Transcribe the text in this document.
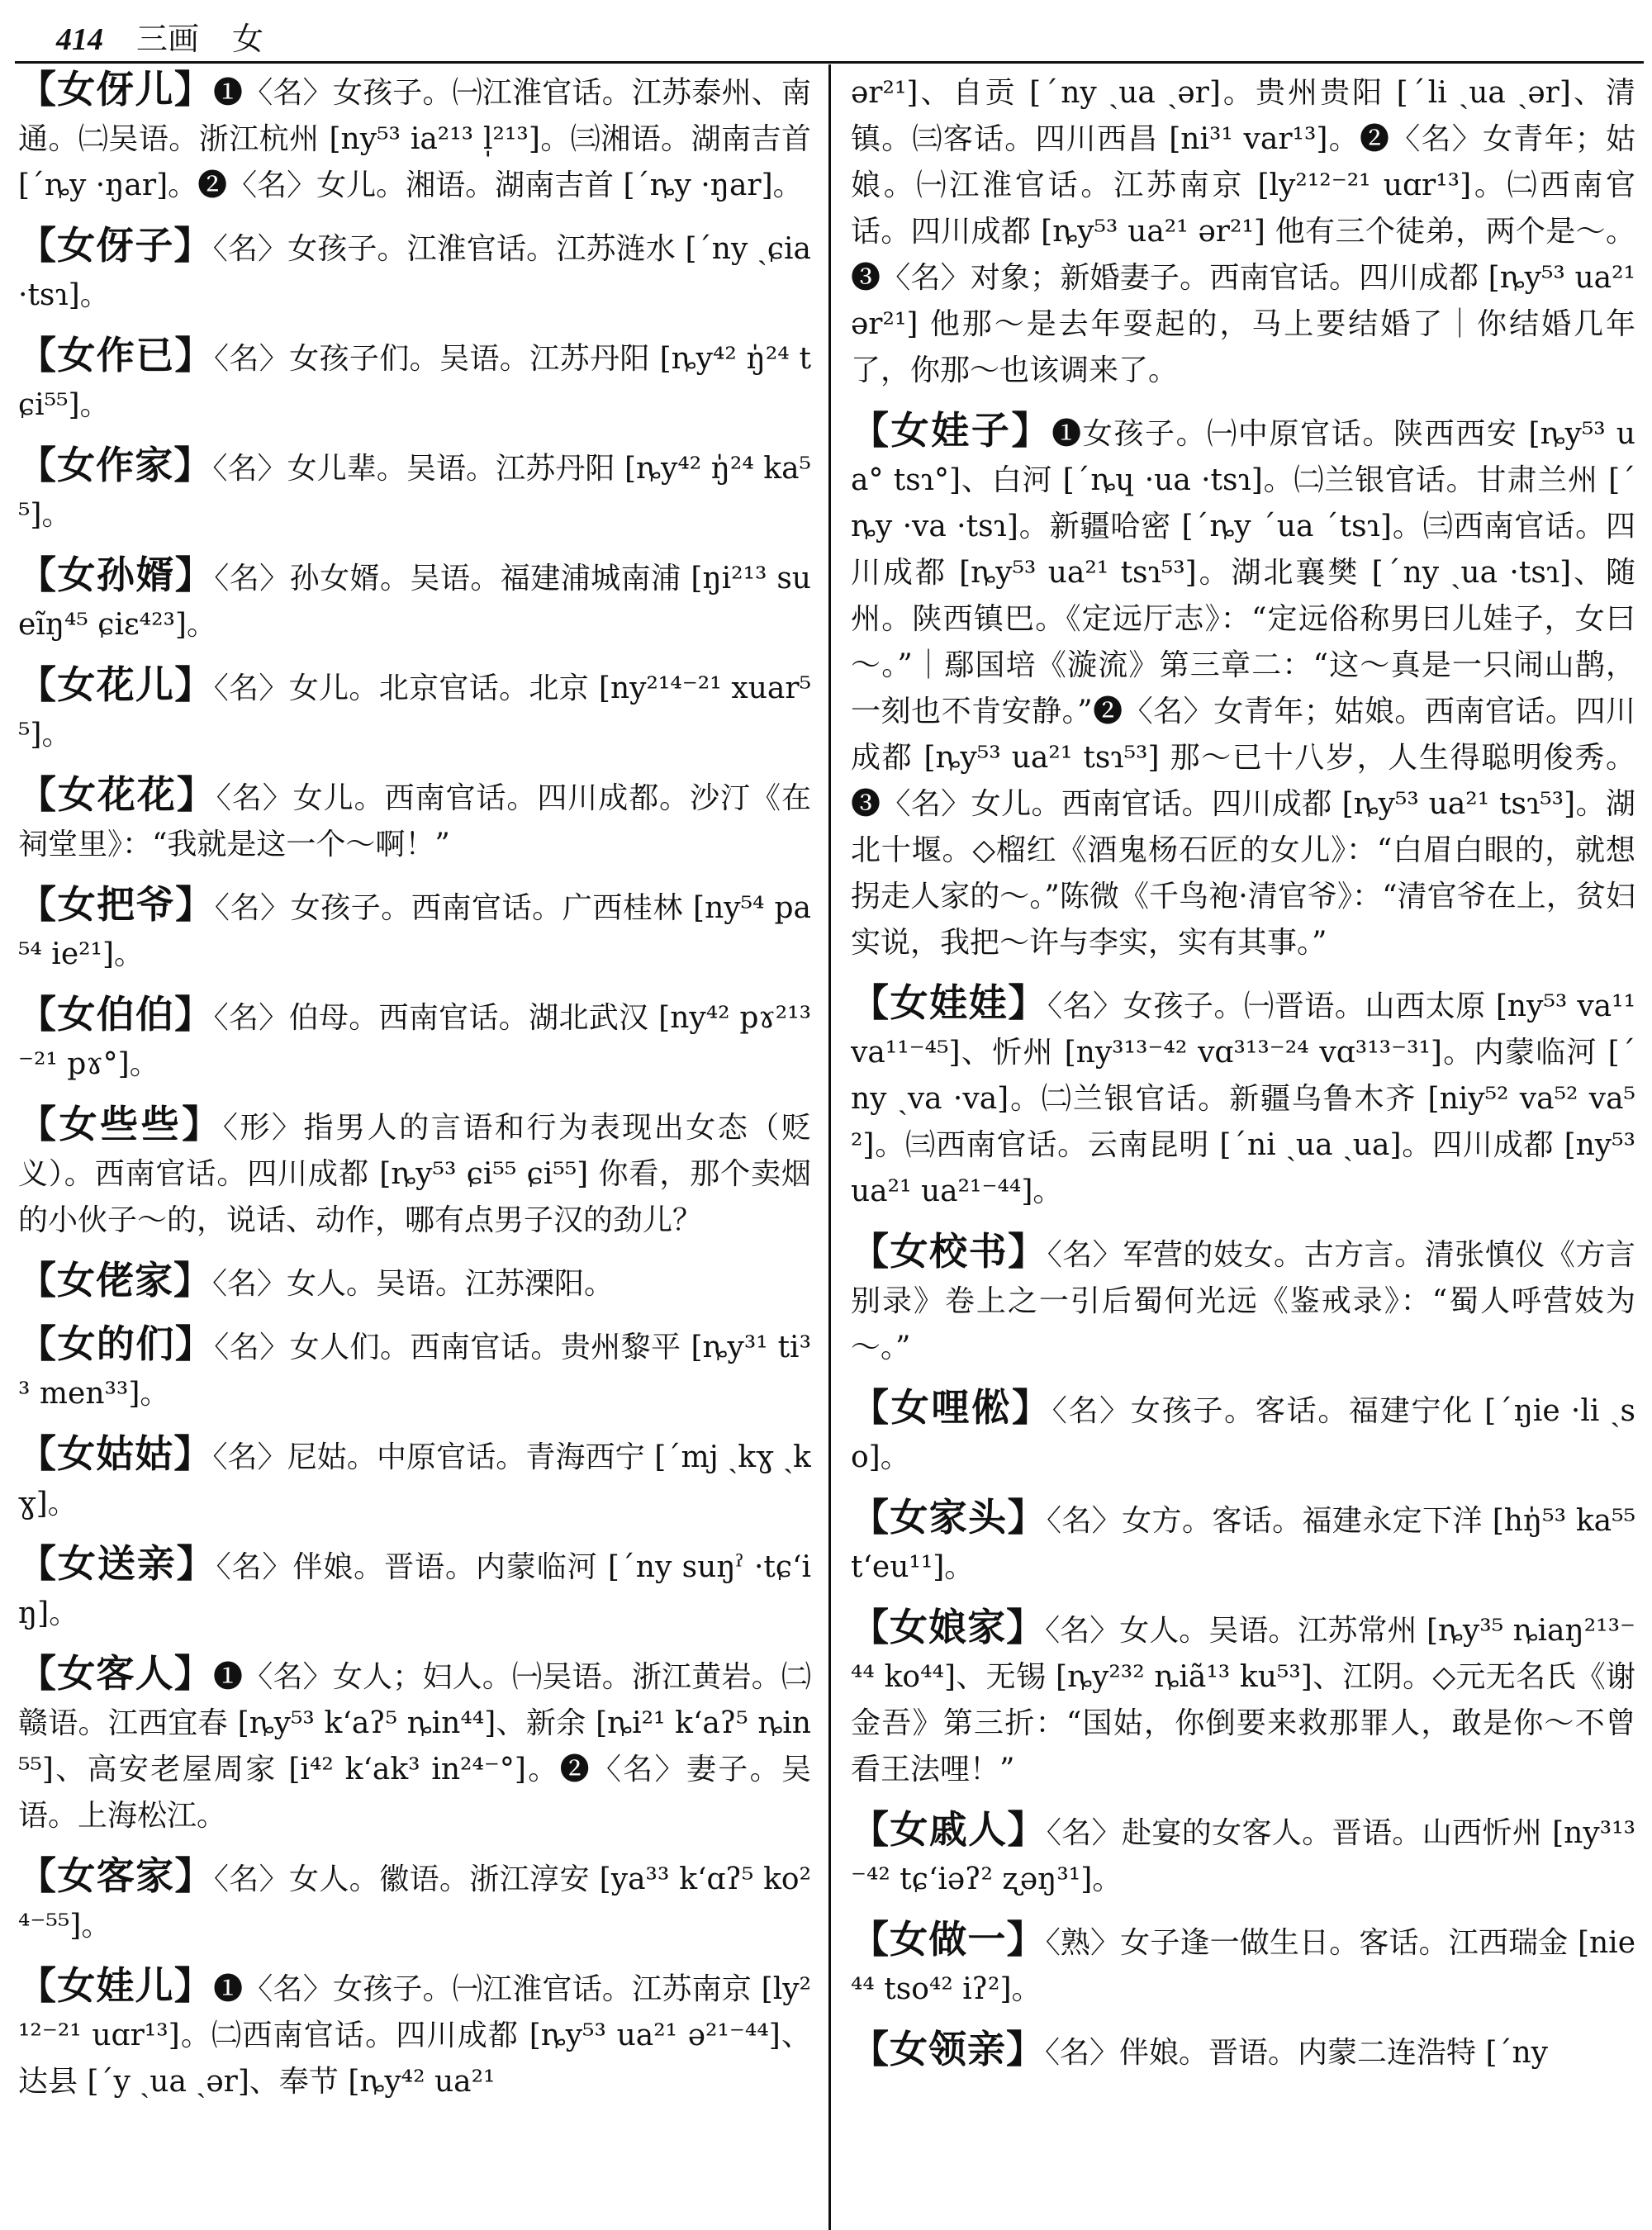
414 三画 女

【女伢儿】❶〈名〉女孩子。㈠江淮官话。江苏泰州、南通。㈡吴语。浙江杭州 [ny⁵³ ia²¹³ l̩²¹³]。㈢湘语。湖南吉首 [ˊȵy ·ŋar]。❷〈名〉女儿。湘语。湖南吉首 [ˊȵy ·ŋar]。

【女伢子】〈名〉女孩子。江淮官话。江苏涟水 [ˊny ˎɕia ·tsɿ]。

【女作已】〈名〉女孩子们。吴语。江苏丹阳 [ȵy⁴² ŋ̍²⁴ tɕi⁵⁵]。

【女作家】〈名〉女儿辈。吴语。江苏丹阳 [ȵy⁴² ŋ̍²⁴ ka⁵⁵]。

【女孙婿】〈名〉孙女婿。吴语。福建浦城南浦 [ŋi²¹³ sueĩŋ⁴⁵ ɕiɛ⁴²³]。

【女花儿】〈名〉女儿。北京官话。北京 [ny²¹⁴⁻²¹ xuar⁵⁵]。

【女花花】〈名〉女儿。西南官话。四川成都。沙汀《在祠堂里》：“我就是这一个～啊！”

【女把爷】〈名〉女孩子。西南官话。广西桂林 [ny⁵⁴ pa⁵⁴ ie²¹]。

【女伯伯】〈名〉伯母。西南官话。湖北武汉 [ny⁴² pɤ²¹³⁻²¹ pɤ°]。

【女些些】〈形〉指男人的言语和行为表现出女态（贬义）。西南官话。四川成都 [ȵy⁵³ ɕi⁵⁵ ɕi⁵⁵] 你看，那个卖烟的小伙子～的，说话、动作，哪有点男子汉的劲儿？

【女佬家】〈名〉女人。吴语。江苏溧阳。

【女的们】〈名〉女人们。西南官话。贵州黎平 [ȵy³¹ ti³³ men³³]。

【女姑姑】〈名〉尼姑。中原官话。青海西宁 [ˊmj ˎkɣ ˎkɣ]。

【女送亲】〈名〉伴娘。晋语。内蒙临河 [ˊny suŋˀ ·tɕʻiŋ]。

【女客人】❶〈名〉女人；妇人。㈠吴语。浙江黄岩。㈡赣语。江西宜春 [ȵy⁵³ kʻaʔ⁵ ȵin⁴⁴]、新余 [ȵi²¹ kʻaʔ⁵ ȵin⁵⁵]、高安老屋周家 [i⁴² kʻak³ in²⁴⁻°]。❷〈名〉妻子。吴语。上海松江。

【女客家】〈名〉女人。徽语。浙江淳安 [ya³³ kʻɑʔ⁵ ko²⁴⁻⁵⁵]。

【女娃儿】❶〈名〉女孩子。㈠江淮官话。江苏南京 [ly²¹²⁻²¹ uɑr¹³]。㈡西南官话。四川成都 [ȵy⁵³ ua²¹ ə²¹⁻⁴⁴]、达县 [ˊy ˎua ˎər]、奉节 [ȵy⁴² ua²¹

ər²¹]、自贡 [ˊny ˎua ˎər]。贵州贵阳 [ˊli ˎua ˎər]、清镇。㈢客话。四川西昌 [ni³¹ var¹³]。❷〈名〉女青年；姑娘。㈠江淮官话。江苏南京 [ly²¹²⁻²¹ uɑr¹³]。㈡西南官话。四川成都 [ȵy⁵³ ua²¹ ər²¹] 他有三个徒弟，两个是～。❸〈名〉对象；新婚妻子。西南官话。四川成都 [ȵy⁵³ ua²¹ ər²¹] 他那～是去年耍起的，马上要结婚了｜你结婚几年了，你那～也该调来了。

【女娃子】❶女孩子。㈠中原官话。陕西西安 [ȵy⁵³ ua° tsɿ°]、白河 [ˊȵɥ ·ua ·tsɿ]。㈡兰银官话。甘肃兰州 [ˊȵy ·va ·tsɿ]。新疆哈密 [ˊȵy ˊua ˊtsɿ]。㈢西南官话。四川成都 [ȵy⁵³ ua²¹ tsɿ⁵³]。湖北襄樊 [ˊny ˎua ·tsɿ]、随州。陕西镇巴。《定远厅志》：“定远俗称男曰儿娃子，女曰～。”｜鄢国培《漩流》第三章二：“这～真是一只闹山鹊，一刻也不肯安静。”❷〈名〉女青年；姑娘。西南官话。四川成都 [ȵy⁵³ ua²¹ tsɿ⁵³] 那～已十八岁，人生得聪明俊秀。❸〈名〉女儿。西南官话。四川成都 [ȵy⁵³ ua²¹ tsɿ⁵³]。湖北十堰。◇榴红《酒鬼杨石匠的女儿》：“白眉白眼的，就想拐走人家的～。”陈微《千鸟袍·清官爷》：“清官爷在上，贫妇实说，我把～许与李实，实有其事。”

【女娃娃】〈名〉女孩子。㈠晋语。山西太原 [ny⁵³ va¹¹ va¹¹⁻⁴⁵]、忻州 [ny³¹³⁻⁴² vɑ³¹³⁻²⁴ vɑ³¹³⁻³¹]。内蒙临河 [ˊny ˎva ·va]。㈡兰银官话。新疆乌鲁木齐 [niy⁵² va⁵² va⁵²]。㈢西南官话。云南昆明 [ˊni ˎua ˎua]。四川成都 [ny⁵³ ua²¹ ua²¹⁻⁴⁴]。

【女校书】〈名〉军营的妓女。古方言。清张慎仪《方言别录》卷上之一引后蜀何光远《鉴戒录》：“蜀人呼营妓为～。”

【女哩倯】〈名〉女孩子。客话。福建宁化 [ˊŋie ·li ˎso]。

【女家头】〈名〉女方。客话。福建永定下洋 [hŋ̍⁵³ ka⁵⁵ tʻeu¹¹]。

【女娘家】〈名〉女人。吴语。江苏常州 [ȵy³⁵ ȵiaŋ²¹³⁻⁴⁴ ko⁴⁴]、无锡 [ȵy²³² ȵiã¹³ ku⁵³]、江阴。◇元无名氏《谢金吾》第三折：“国姑，你倒要来救那罪人，敢是你～不曾看王法哩！”

【女戚人】〈名〉赴宴的女客人。晋语。山西忻州 [ny³¹³⁻⁴² tɕʻiəʔ² ʐəŋ³¹]。

【女做一】〈熟〉女子逢一做生日。客话。江西瑞金 [nie⁴⁴ tso⁴² iʔ²]。

【女领亲】〈名〉伴娘。晋语。内蒙二连浩特 [ˊny
